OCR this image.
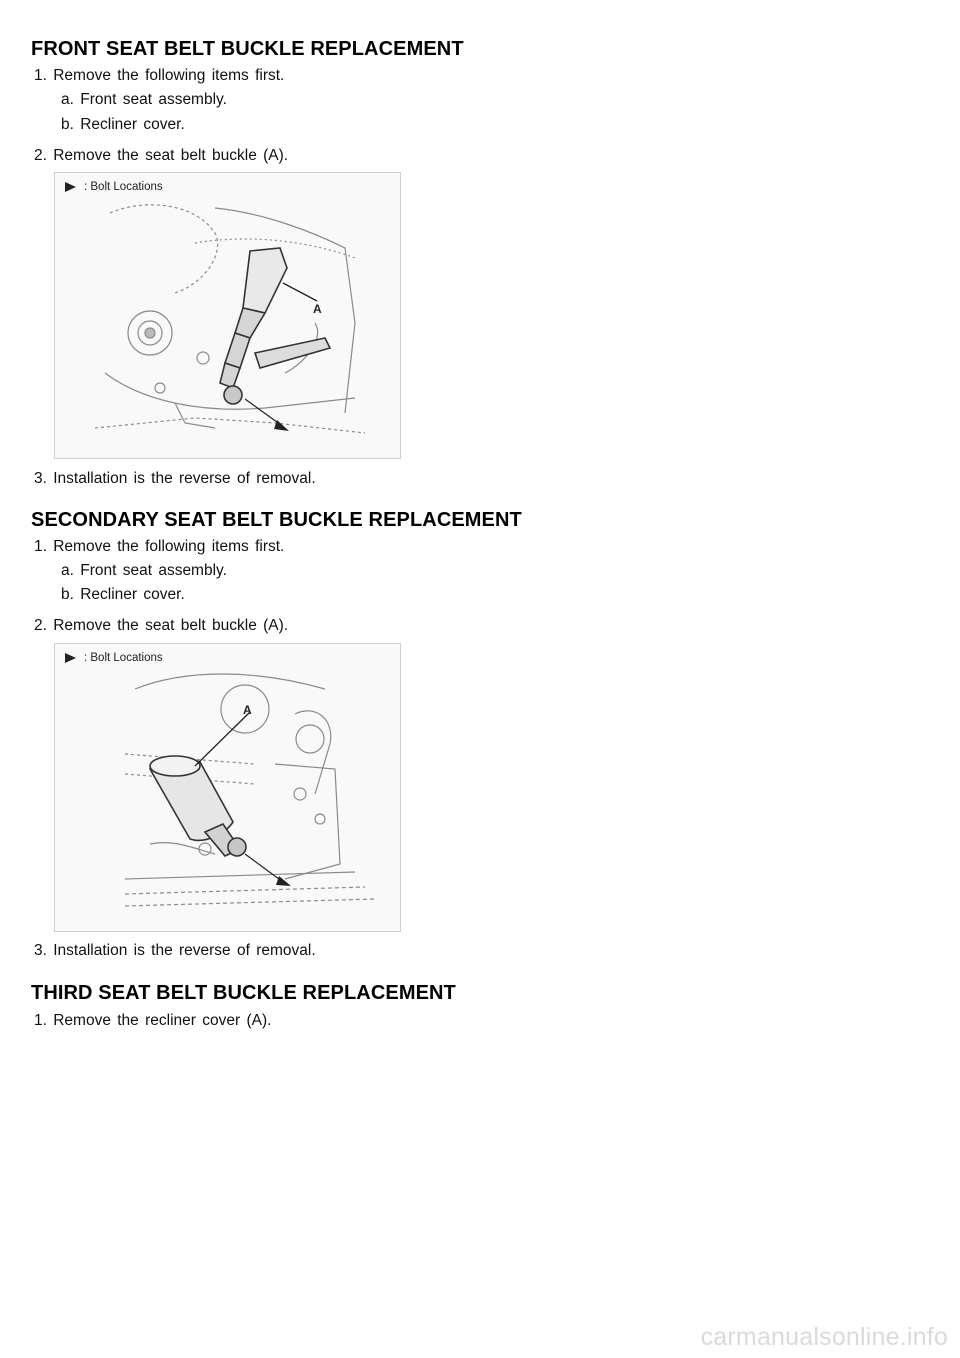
FRONT SEAT BELT BUCKLE REPLACEMENT
1. Remove the following items first.
a. Front seat assembly.
b. Recliner cover.
2. Remove the seat belt buckle (A).
: Bolt Locations
A
3. Installation is the reverse of removal.
SECONDARY SEAT BELT BUCKLE REPLACEMENT
1. Remove the following items first.
a. Front seat assembly.
b. Recliner cover.
2. Remove the seat belt buckle (A).
: Bolt Locations
A
3. Installation is the reverse of removal.
THIRD SEAT BELT BUCKLE REPLACEMENT
1. Remove the recliner cover (A).
carmanualsonline.info
